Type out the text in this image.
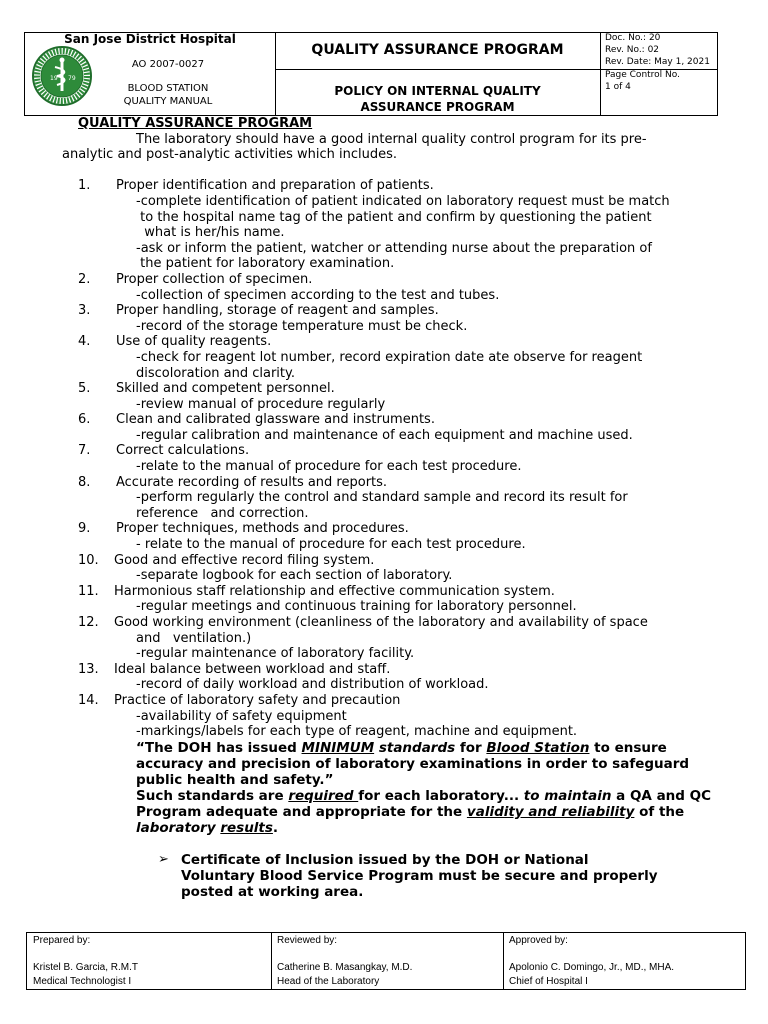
San Jose District Hospital
19 79
AO 2007-0027
BLOOD STATION
QUALITY MANUAL
QUALITY ASSURANCE PROGRAM
POLICY ON INTERNAL QUALITY
ASSURANCE PROGRAM
Doc. No.: 20
Rev. No.: 02
Rev. Date: May 1, 2021
Page Control No.
1 of 4

QUALITY ASSURANCE PROGRAM

The laboratory should have a good internal quality control program for its pre-

analytic and post-analytic activities which includes.

1. Proper identification and preparation of patients.
-complete identification of patient indicated on laboratory request must be match
to the hospital name tag of the patient and confirm by questioning the patient
what is her/his name.
-ask or inform the patient, watcher or attending nurse about the preparation of
the patient for laboratory examination.
2. Proper collection of specimen.
-collection of specimen according to the test and tubes.
3. Proper handling, storage of reagent and samples.
-record of the storage temperature must be check.
4. Use of quality reagents.
-check for reagent lot number, record expiration date ate observe for reagent
discoloration and clarity.
5. Skilled and competent personnel.
-review manual of procedure regularly
6. Clean and calibrated glassware and instruments.
-regular calibration and maintenance of each equipment and machine used.
7. Correct calculations.
-relate to the manual of procedure for each test procedure.
8. Accurate recording of results and reports.
-perform regularly the control and standard sample and record its result for
reference   and correction.
9. Proper techniques, methods and procedures.
- relate to the manual of procedure for each test procedure.
10. Good and effective record filing system.
-separate logbook for each section of laboratory.
11. Harmonious staff relationship and effective communication system.
-regular meetings and continuous training for laboratory personnel.
12. Good working environment (cleanliness of the laboratory and availability of space
and   ventilation.)
-regular maintenance of laboratory facility.
13. Ideal balance between workload and staff.
-record of daily workload and distribution of workload.
14. Practice of laboratory safety and precaution
-availability of safety equipment
-markings/labels for each type of reagent, machine and equipment.
“The DOH has issued MINIMUM standards for Blood Station to ensure accuracy and precision of laboratory examinations in order to safeguard public health and safety.”
Such standards are required for each laboratory... to maintain a QA and QC Program adequate and appropriate for the validity and reliability of the laboratory results.
➢ Certificate of Inclusion issued by the DOH or National Voluntary Blood Service Program must be secure and properly posted at working area.
Prepared by:
Kristel B. Garcia, R.M.T
Medical Technologist I
Reviewed by:
Catherine B. Masangkay, M.D.
Head of the Laboratory
Approved by:
Apolonio C. Domingo, Jr., MD., MHA.
Chief of Hospital I
